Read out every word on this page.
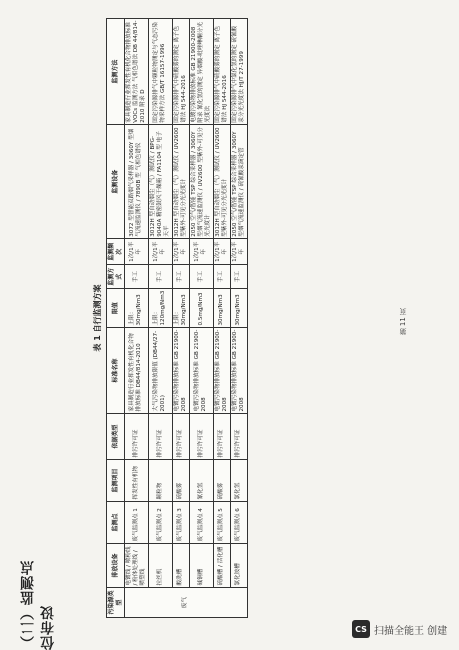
（二）监测点位布设
表 1 自行监测方案
污染源类型	排放设备	监测点	监测项目	依据类型	标准名称	限值	监测方式	监测频次	监测设备	监测方法
废气	电镀线 / 喷粉线 / 粉体处理线 / 喷塑线	废气监测点 1	挥发性有机物	排污许可证	家具制造行业挥发性有机化合物排放标准 DB44/814-2010	上限：30mg/Nm3	手工	1次/1半年	3072 型智能双路烟气采样器 / 3060Y 型烟气流速监测仪 / 7890B 型 气相色谱仪	家具制造行业挥发性有机化合物排放标准 VOCs 监测方法 气相色谱法 DB 44/814-2010 附录 D
	拉丝机	废气监测点 2	颗粒物	排污许可证	大气污染物排放限值 (DB44/27-2001)	上限：120mg/Nm3	手工	1次/1半年	3012H 型自动烟尘（气）测试仪 / BPG-9040A 精密鼓风干燥箱 / FA1104 型 电子天平	固定污染源排气中颗粒物测定与气态污染物采样方法 GB/T 16157-1996
	酸洗槽	废气监测点 3	硫酸雾	排污许可证	电镀污染物排放标准 GB 21900-2008	上限：30mg/Nm3	手工	1次/1半年	3012H 型自动烟尘（气）测试仪 / UV2600 型紫外-可见分光光度计	固定污染源排气中硫酸雾的测定 离子色谱法 HJ 544-2016
	碱铜槽	废气监测点 4	氰化氢	排污许可证	电镀污染物排放标准 GB 21900-2008	0.5mg/Nm3	手工	1次/1半年	2050 空气/智能 TSP 综合采样器 / 3060Y 型烟气流速监测仪 / UV2600 型紫外-可见分光光度计	电镀污染物排放标准 GB 21900-2008 附录 氰化氢的测定 异烟酸-吡唑啉酮分光光度法
	硫酸槽 / 活化槽	废气监测点 5	硫酸雾	排污许可证	电镀污染物排放标准 GB 21900-2008	30mg/Nm3	手工	1次/1半年	3012H 型自动烟尘（气）测试仪 / UV2600 型紫外-可见分光光度计	固定污染源排气中硫酸雾的测定 离子色谱法 HJ 544-2016
	氯化铵槽	废气监测点 6	氯化氢	排污许可证	电镀污染物排放标准 GB 21900-2008	30mg/Nm3	手工	1次/1半年	2050 空气/智能 TSP 综合采样器 / 3060Y 型烟气流速监测仪 / 硫氰酸汞滴定管	固定污染源排气中氯化氢的测定 硫氰酸汞分光光度法 HJ/T 27-1999
第 11 页
CS 扫描全能王 创建
